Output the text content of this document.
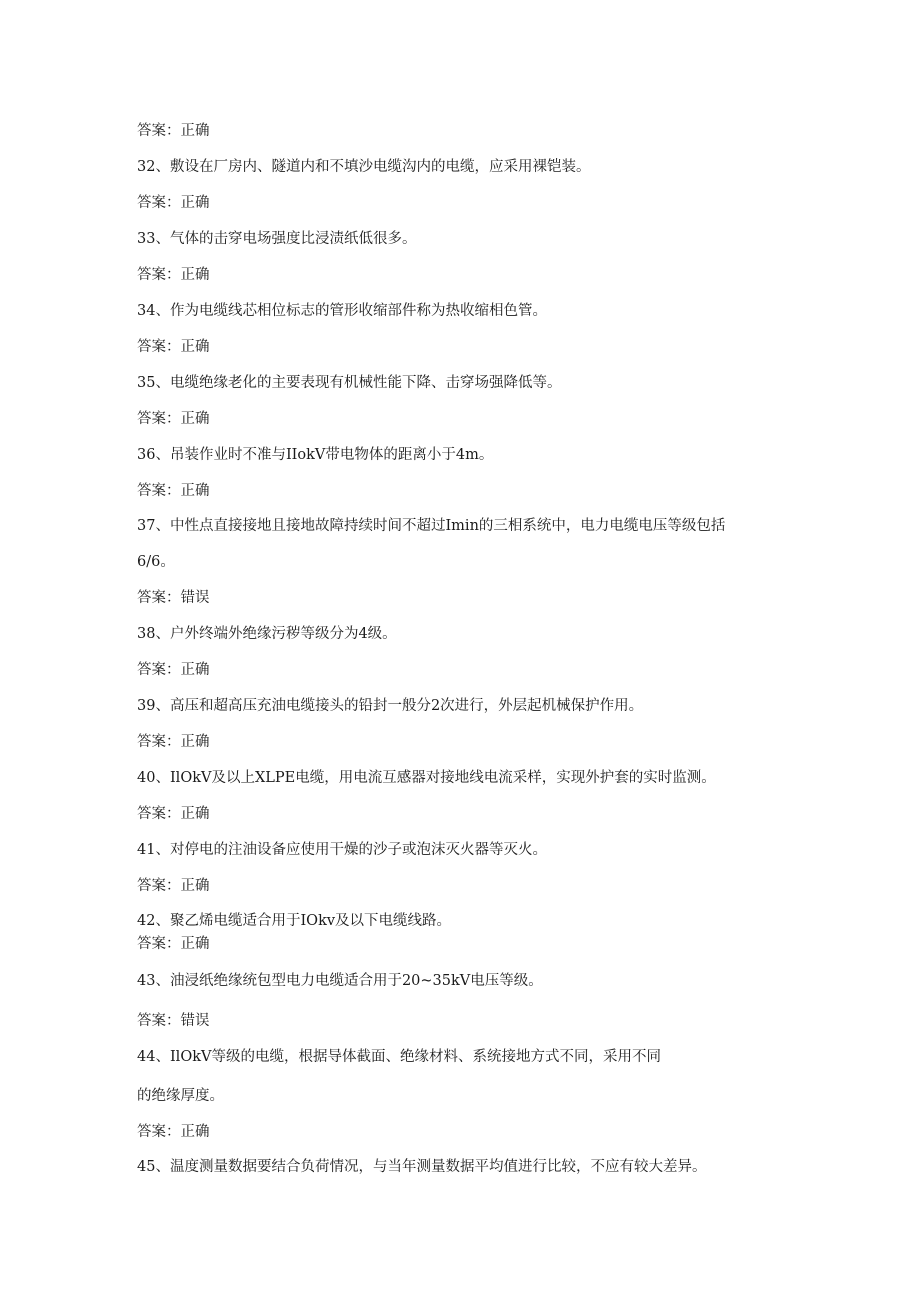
答案：正确
32、敷设在厂房内、隧道内和不填沙电缆沟内的电缆，应采用裸铠装。
答案：正确
33、气体的击穿电场强度比浸渍纸低很多。
答案：正确
34、作为电缆线芯相位标志的管形收缩部件称为热收缩相色管。
答案：正确
35、电缆绝缘老化的主要表现有机械性能下降、击穿场强降低等。
答案：正确
36、吊装作业时不准与IIokV带电物体的距离小于4m。
答案：正确
37、中性点直接接地且接地故障持续时间不超过Imin的三相系统中，电力电缆电压等级包括
6/6。
答案：错误
38、户外终端外绝缘污秽等级分为4级。
答案：正确
39、高压和超高压充油电缆接头的铅封一般分2次进行，外层起机械保护作用。
答案：正确
40、IlOkV及以上XLPE电缆，用电流互感器对接地线电流采样，实现外护套的实时监测。
答案：正确
41、对停电的注油设备应使用干燥的沙子或泡沫灭火器等灭火。
答案：正确
42、聚乙烯电缆适合用于IOkv及以下电缆线路。
答案：正确
43、油浸纸绝缘统包型电力电缆适合用于20~35kV电压等级。
答案：错误
44、IlOkV等级的电缆，根据导体截面、绝缘材料、系统接地方式不同，采用不同
的绝缘厚度。
答案：正确
45、温度测量数据要结合负荷情况，与当年测量数据平均值进行比较，不应有较大差异。
